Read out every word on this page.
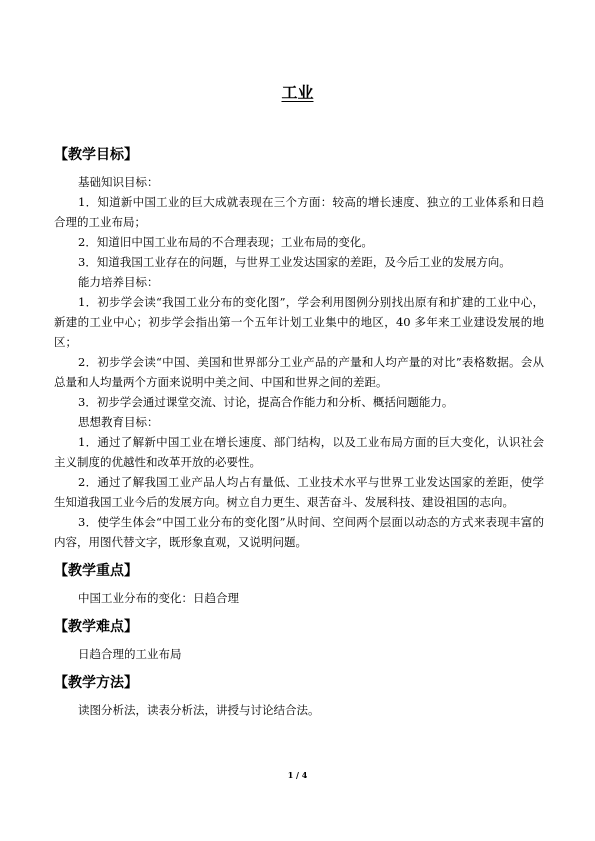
工业

【教学目标】

基础知识目标：

1．知道新中国工业的巨大成就表现在三个方面：较高的增长速度、独立的工业体系和日趋合理的工业布局；

2．知道旧中国工业布局的不合理表现；工业布局的变化。

3．知道我国工业存在的问题，与世界工业发达国家的差距，及今后工业的发展方向。

能力培养目标：

1．初步学会读“我国工业分布的变化图”，学会利用图例分别找出原有和扩建的工业中心，新建的工业中心；初步学会指出第一个五年计划工业集中的地区，40 多年来工业建设发展的地区；

2．初步学会读“中国、美国和世界部分工业产品的产量和人均产量的对比”表格数据。会从总量和人均量两个方面来说明中美之间、中国和世界之间的差距。

3．初步学会通过课堂交流、讨论，提高合作能力和分析、概括问题能力。

思想教育目标：

1．通过了解新中国工业在增长速度、部门结构，以及工业布局方面的巨大变化，认识社会主义制度的优越性和改革开放的必要性。

2．通过了解我国工业产品人均占有量低、工业技术水平与世界工业发达国家的差距，使学生知道我国工业今后的发展方向。树立自力更生、艰苦奋斗、发展科技、建设祖国的志向。

3．使学生体会“中国工业分布的变化图”从时间、空间两个层面以动态的方式来表现丰富的内容，用图代替文字，既形象直观，又说明问题。

【教学重点】

中国工业分布的变化：日趋合理

【教学难点】

日趋合理的工业布局

【教学方法】

读图分析法，读表分析法，讲授与讨论结合法。

1 / 4
